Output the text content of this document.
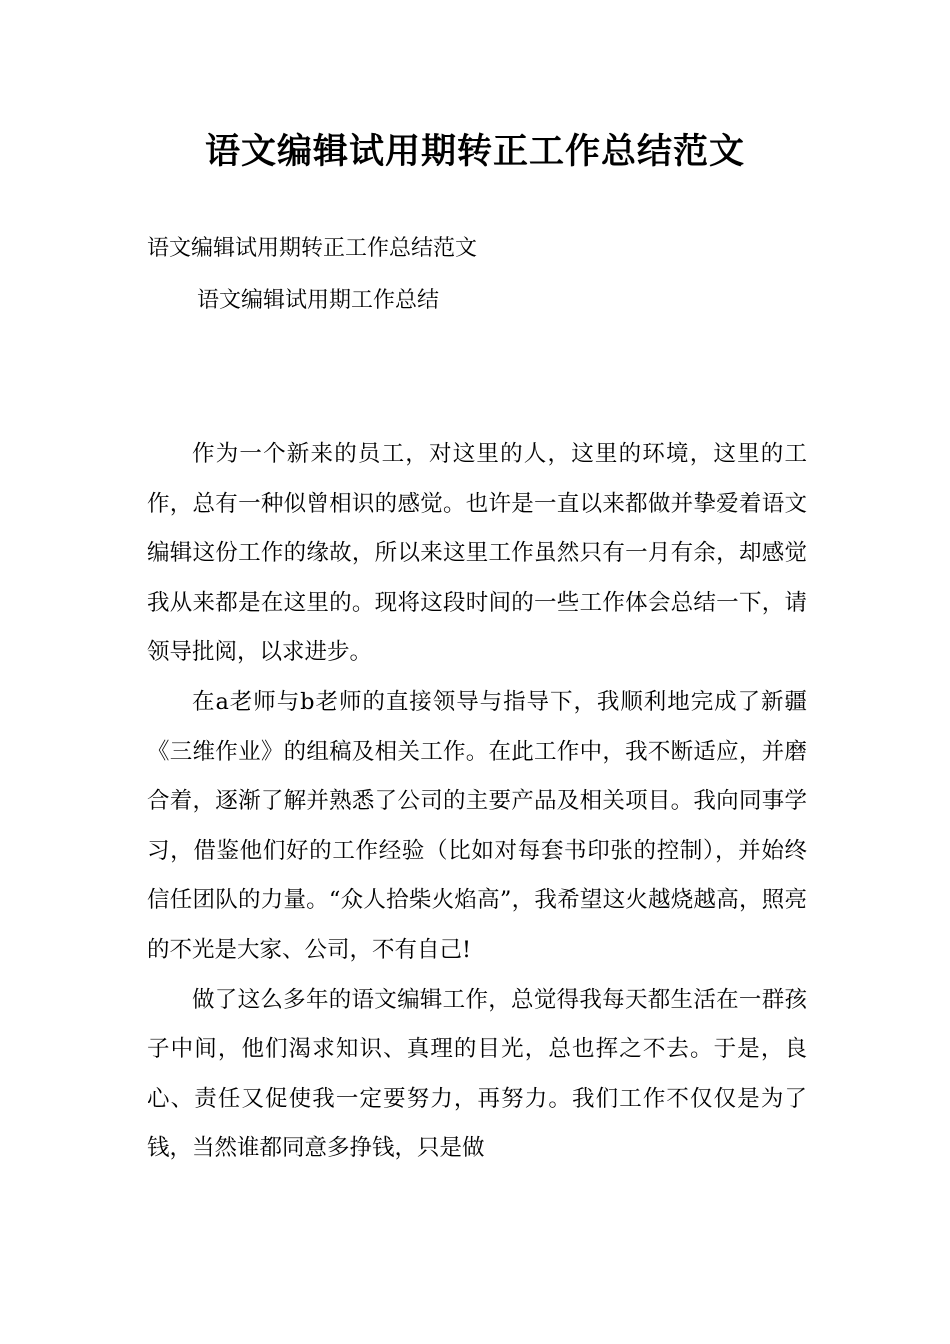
语文编辑试用期转正工作总结范文
语文编辑试用期转正工作总结范文
语文编辑试用期工作总结

作为一个新来的员工，对这里的人，这里的环境，这里的工作，总有一种似曾相识的感觉。也许是一直以来都做并挚爱着语文编辑这份工作的缘故，所以来这里工作虽然只有一月有余，却感觉我从来都是在这里的。现将这段时间的一些工作体会总结一下，请领导批阅，以求进步。

在a老师与b老师的直接领导与指导下，我顺利地完成了新疆《三维作业》的组稿及相关工作。在此工作中，我不断适应，并磨合着，逐渐了解并熟悉了公司的主要产品及相关项目。我向同事学习，借鉴他们好的工作经验（比如对每套书印张的控制），并始终信任团队的力量。“众人拾柴火焰高”，我希望这火越烧越高，照亮的不光是大家、公司，不有自己!

做了这么多年的语文编辑工作，总觉得我每天都生活在一群孩子中间，他们渴求知识、真理的目光，总也挥之不去。于是，良心、责任又促使我一定要努力，再努力。我们工作不仅仅是为了钱，当然谁都同意多挣钱，只是做
